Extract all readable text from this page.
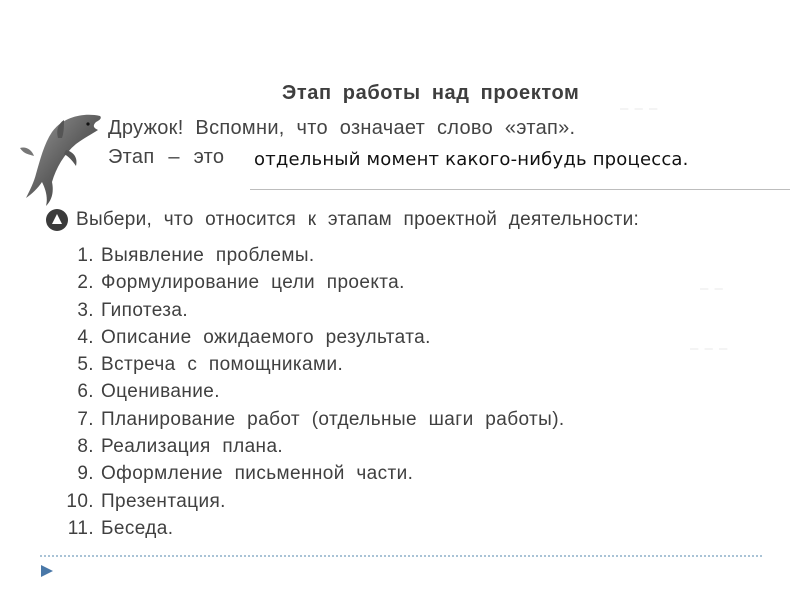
– – –
– –
– – –
Этап работы над проектом
Дружок! Вспомни, что означает слово «этап».
Этап – это отдельный момент какого-нибудь процесса.
Выбери, что относится к этапам проектной деятельности:
1. Выявление проблемы.
2. Формулирование цели проекта.
3. Гипотеза.
4. Описание ожидаемого результата.
5. Встреча с помощниками.
6. Оценивание.
7. Планирование работ (отдельные шаги работы).
8. Реализация плана.
9. Оформление письменной части.
10. Презентация.
11. Беседа.
